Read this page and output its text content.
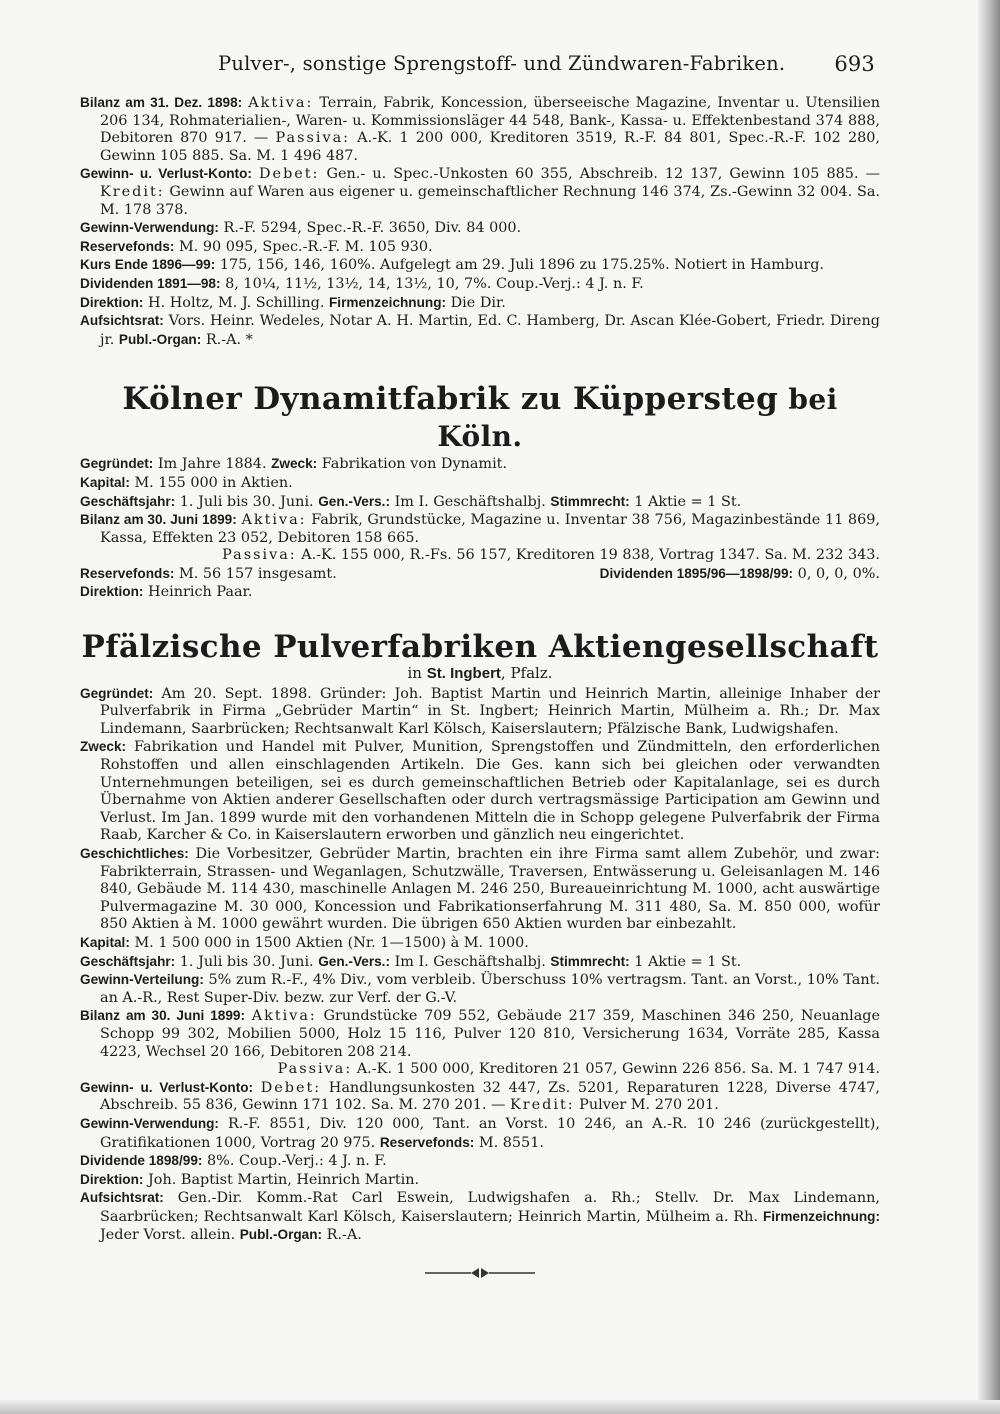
Pulver-, sonstige Sprengstoff- und Zündwaren-Fabriken. 693

Bilanz am 31. Dez. 1898: Aktiva: Terrain, Fabrik, Koncession, überseeische Magazine, Inventar u. Utensilien 206 134, Rohmaterialien-, Waren- u. Kommissionsläger 44 548, Bank-, Kassa- u. Effektenbestand 374 888, Debitoren 870 917. — Passiva: A.-K. 1 200 000, Kreditoren 3519, R.-F. 84 801, Spec.-R.-F. 102 280, Gewinn 105 885. Sa. M. 1 496 487.

Gewinn- u. Verlust-Konto: Debet: Gen.- u. Spec.-Unkosten 60 355, Abschreib. 12 137, Gewinn 105 885. — Kredit: Gewinn auf Waren aus eigener u. gemeinschaftlicher Rechnung 146 374, Zs.-Gewinn 32 004. Sa. M. 178 378.

Gewinn-Verwendung: R.-F. 5294, Spec.-R.-F. 3650, Div. 84 000.

Reservefonds: M. 90 095, Spec.-R.-F. M. 105 930.

Kurs Ende 1896—99: 175, 156, 146, 160%. Aufgelegt am 29. Juli 1896 zu 175.25%. Notiert in Hamburg.

Dividenden 1891—98: 8, 10¼, 11½, 13½, 14, 13½, 10, 7%. Coup.-Verj.: 4 J. n. F.

Direktion: H. Holtz, M. J. Schilling. Firmenzeichnung: Die Dir.

Aufsichtsrat: Vors. Heinr. Wedeles, Notar A. H. Martin, Ed. C. Hamberg, Dr. Ascan Klée-Gobert, Friedr. Direng jr. Publ.-Organ: R.-A. *

Kölner Dynamitfabrik zu Küppersteg bei Köln.

Gegründet: Im Jahre 1884. Zweck: Fabrikation von Dynamit.

Kapital: M. 155 000 in Aktien.

Geschäftsjahr: 1. Juli bis 30. Juni. Gen.-Vers.: Im I. Geschäftshalbj. Stimmrecht: 1 Aktie = 1 St.

Bilanz am 30. Juni 1899: Aktiva: Fabrik, Grundstücke, Magazine u. Inventar 38 756, Magazinbestände 11 869, Kassa, Effekten 23 052, Debitoren 158 665.

Passiva: A.-K. 155 000, R.-Fs. 56 157, Kreditoren 19 838, Vortrag 1347. Sa. M. 232 343.

Reservefonds: M. 56 157 insgesamt.	Dividenden 1895/96—1898/99: 0, 0, 0, 0%.

Direktion: Heinrich Paar.

Pfälzische Pulverfabriken Aktiengesellschaft

in St. Ingbert, Pfalz.

Gegründet: Am 20. Sept. 1898. Gründer: Joh. Baptist Martin und Heinrich Martin, alleinige Inhaber der Pulverfabrik in Firma „Gebrüder Martin“ in St. Ingbert; Heinrich Martin, Mülheim a. Rh.; Dr. Max Lindemann, Saarbrücken; Rechtsanwalt Karl Kölsch, Kaiserslautern; Pfälzische Bank, Ludwigshafen.

Zweck: Fabrikation und Handel mit Pulver, Munition, Sprengstoffen und Zündmitteln, den erforderlichen Rohstoffen und allen einschlagenden Artikeln. Die Ges. kann sich bei gleichen oder verwandten Unternehmungen beteiligen, sei es durch gemeinschaftlichen Betrieb oder Kapitalanlage, sei es durch Übernahme von Aktien anderer Gesellschaften oder durch vertragsmässige Participation am Gewinn und Verlust. Im Jan. 1899 wurde mit den vorhandenen Mitteln die in Schopp gelegene Pulverfabrik der Firma Raab, Karcher & Co. in Kaiserslautern erworben und gänzlich neu eingerichtet.

Geschichtliches: Die Vorbesitzer, Gebrüder Martin, brachten ein ihre Firma samt allem Zubehör, und zwar: Fabrikterrain, Strassen- und Weganlagen, Schutzwälle, Traversen, Entwässerung u. Geleisanlagen M. 146 840, Gebäude M. 114 430, maschinelle Anlagen M. 246 250, Bureaueinrichtung M. 1000, acht auswärtige Pulvermagazine M. 30 000, Koncession und Fabrikationserfahrung M. 311 480, Sa. M. 850 000, wofür 850 Aktien à M. 1000 gewährt wurden. Die übrigen 650 Aktien wurden bar einbezahlt.

Kapital: M. 1 500 000 in 1500 Aktien (Nr. 1—1500) à M. 1000.

Geschäftsjahr: 1. Juli bis 30. Juni. Gen.-Vers.: Im I. Geschäftshalbj. Stimmrecht: 1 Aktie = 1 St.

Gewinn-Verteilung: 5% zum R.-F., 4% Div., vom verbleib. Überschuss 10% vertragsm. Tant. an Vorst., 10% Tant. an A.-R., Rest Super-Div. bezw. zur Verf. der G.-V.

Bilanz am 30. Juni 1899: Aktiva: Grundstücke 709 552, Gebäude 217 359, Maschinen 346 250, Neuanlage Schopp 99 302, Mobilien 5000, Holz 15 116, Pulver 120 810, Versicherung 1634, Vorräte 285, Kassa 4223, Wechsel 20 166, Debitoren 208 214.

Passiva: A.-K. 1 500 000, Kreditoren 21 057, Gewinn 226 856. Sa. M. 1 747 914.

Gewinn- u. Verlust-Konto: Debet: Handlungsunkosten 32 447, Zs. 5201, Reparaturen 1228, Diverse 4747, Abschreib. 55 836, Gewinn 171 102. Sa. M. 270 201. — Kredit: Pulver M. 270 201.

Gewinn-Verwendung: R.-F. 8551, Div. 120 000, Tant. an Vorst. 10 246, an A.-R. 10 246 (zurückgestellt), Gratifikationen 1000, Vortrag 20 975. Reservefonds: M. 8551.

Dividende 1898/99: 8%. Coup.-Verj.: 4 J. n. F.

Direktion: Joh. Baptist Martin, Heinrich Martin.

Aufsichtsrat: Gen.-Dir. Komm.-Rat Carl Eswein, Ludwigshafen a. Rh.; Stellv. Dr. Max Lindemann, Saarbrücken; Rechtsanwalt Karl Kölsch, Kaiserslautern; Heinrich Martin, Mülheim a. Rh. Firmenzeichnung: Jeder Vorst. allein. Publ.-Organ: R.-A.
